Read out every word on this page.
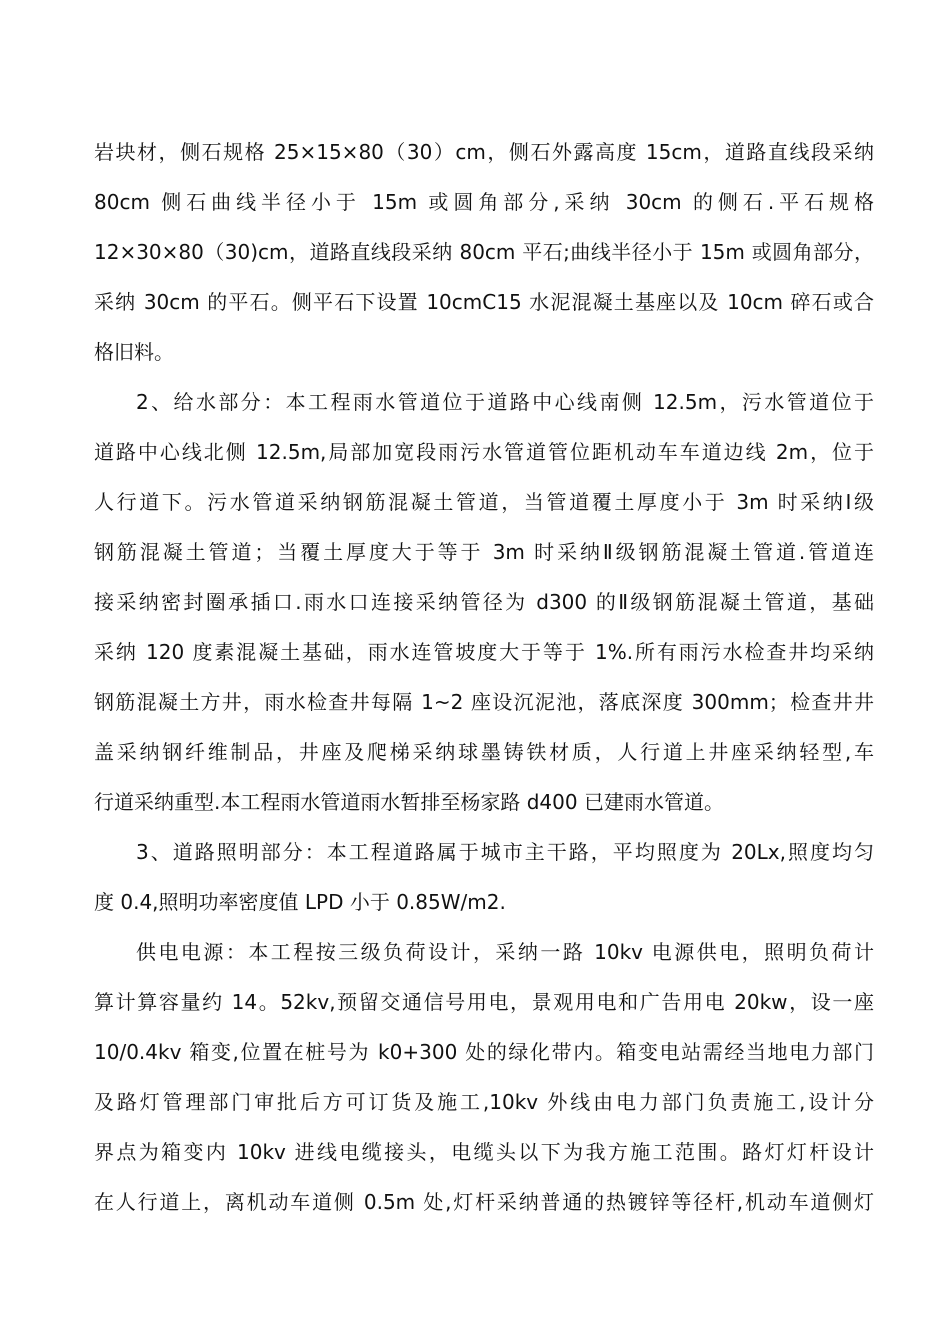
岩块材，侧石规格 25×15×80（30）cm，侧石外露高度 15cm，道路直线段采纳
80cm 侧石曲线半径小于 15m 或圆角部分,采纳 30cm 的侧石.平石规格
12×30×80（30)cm，道路直线段采纳 80cm 平石;曲线半径小于 15m 或圆角部分，
采纳 30cm 的平石。侧平石下设置 10cmC15 水泥混凝土基座以及 10cm 碎石或合
格旧料。
2、给水部分：本工程雨水管道位于道路中心线南侧 12.5m，污水管道位于
道路中心线北侧 12.5m,局部加宽段雨污水管道管位距机动车车道边线 2m，位于
人行道下。污水管道采纳钢筋混凝土管道，当管道覆土厚度小于 3m 时采纳Ⅰ级
钢筋混凝土管道；当覆土厚度大于等于 3m 时采纳Ⅱ级钢筋混凝土管道.管道连
接采纳密封圈承插口.雨水口连接采纳管径为 d300 的Ⅱ级钢筋混凝土管道，基础
采纳 120 度素混凝土基础，雨水连管坡度大于等于 1%.所有雨污水检查井均采纳
钢筋混凝土方井，雨水检查井每隔 1~2 座设沉泥池，落底深度 300mm；检查井井
盖采纳钢纤维制品，井座及爬梯采纳球墨铸铁材质，人行道上井座采纳轻型,车
行道采纳重型.本工程雨水管道雨水暂排至杨家路 d400 已建雨水管道。
3、道路照明部分：本工程道路属于城市主干路，平均照度为 20Lx,照度均匀
度 0.4,照明功率密度值 LPD 小于 0.85W/m2.
供电电源：本工程按三级负荷设计，采纳一路 10kv 电源供电，照明负荷计
算计算容量约 14。52kv,预留交通信号用电，景观用电和广告用电 20kw，设一座
10/0.4kv 箱变,位置在桩号为 k0+300 处的绿化带内。箱变电站需经当地电力部门
及路灯管理部门审批后方可订货及施工,10kv 外线由电力部门负责施工,设计分
界点为箱变内 10kv 进线电缆接头，电缆头以下为我方施工范围。路灯灯杆设计
在人行道上，离机动车道侧 0.5m 处,灯杆采纳普通的热镀锌等径杆,机动车道侧灯
